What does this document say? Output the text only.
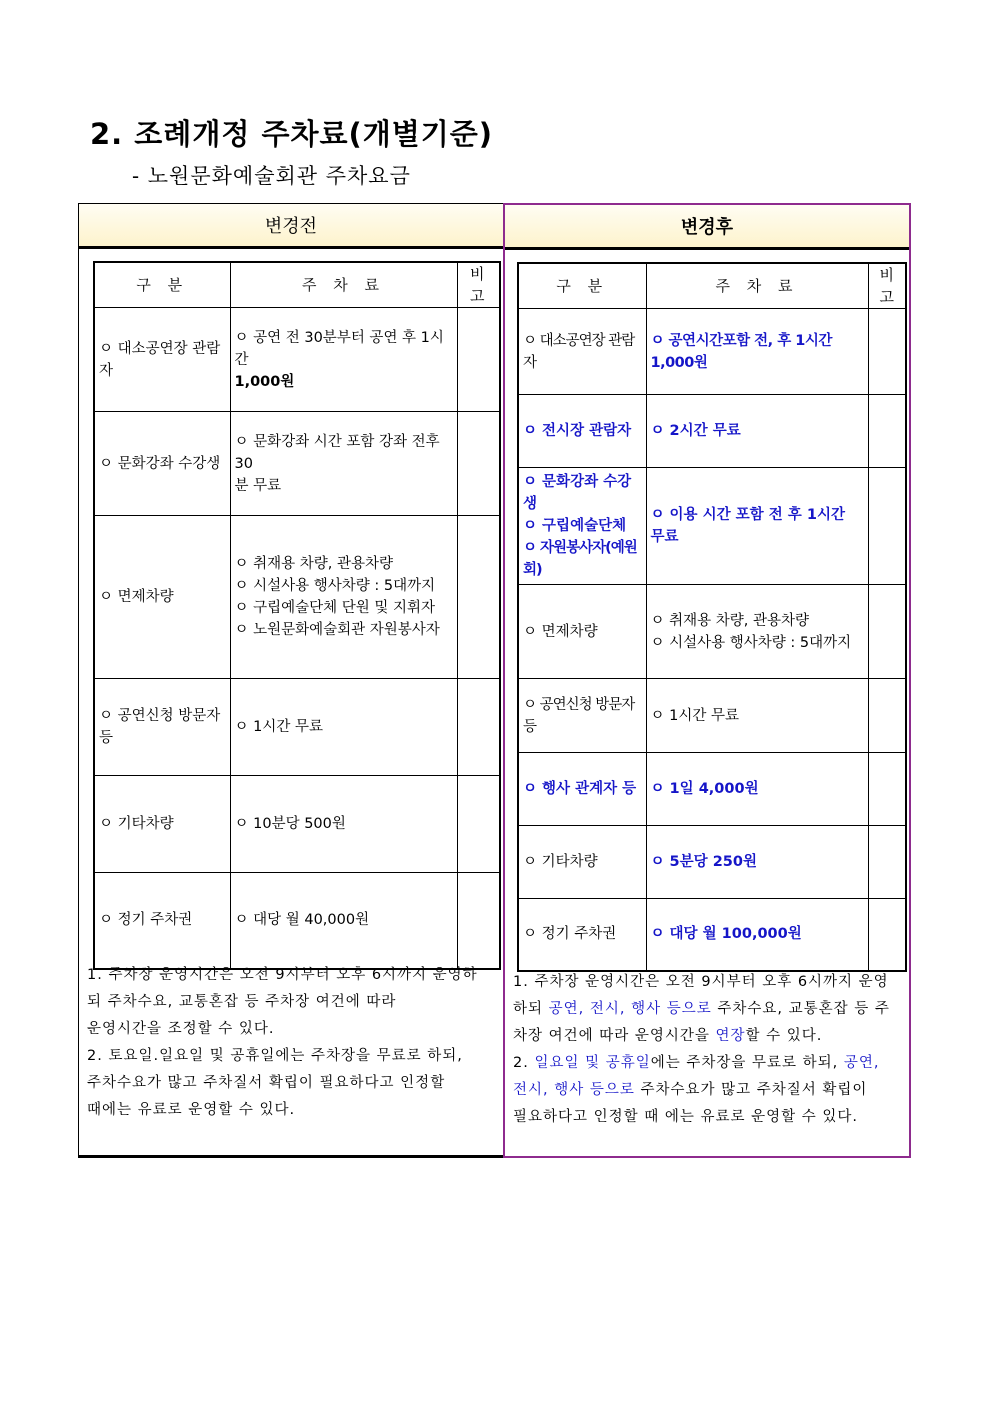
2. 조례개정 주차료(개별기준)
- 노원문화예술회관 주차요금
변경전
구 분	주 차 료	비 고
ㅇ 대소공연장 관람자	ㅇ 공연 전 30분부터 공연 후 1시간
1,000원	

ㅇ 문화강좌 수강생	ㅇ 문화강좌 시간 포함 강좌 전후 30
분 무료	

ㅇ 면제차량	ㅇ 취재용 차량, 관용차량
ㅇ 시설사용 행사차량 : 5대까지
ㅇ 구립예술단체 단원 및 지휘자
ㅇ 노원문화예술회관 자원봉사자	

ㅇ 공연신청 방문자 등	ㅇ 1시간 무료	
ㅇ 기타차량	ㅇ 10분당 500원	
ㅇ 정기 주차권	ㅇ 대당 월 40,000원	
1. 주차장 운영시간은 오전 9시부터 오후 6시까지 운영하
되 주차수요, 교통혼잡 등 주차장 여건에 따라
운영시간을 조정할 수 있다.
2. 토요일.일요일 및 공휴일에는 주차장을 무료로 하되,
주차수요가 많고 주차질서 확립이 필요하다고 인정할
때에는 유료로 운영할 수 있다.
변경후
구 분	주 차 료	비고
ㅇ 대소공연장 관람자	ㅇ 공연시간포함 전, 후 1시간 1,000원	
ㅇ 전시장 관람자	ㅇ 2시간 무료	

ㅇ 문화강좌 수강생
ㅇ 구립예술단체
ㅇ 자원봉사자(예원회)	ㅇ 이용 시간 포함 전 후 1시간 무료	
ㅇ 면제차량	ㅇ 취재용 차량, 관용차량
ㅇ 시설사용 행사차량 : 5대까지	

ㅇ 공연신청 방문자 등	ㅇ 1시간 무료	
ㅇ 행사 관계자 등	ㅇ 1일 4,000원	
ㅇ 기타차량	ㅇ 5분당 250원	
ㅇ 정기 주차권	ㅇ 대당 월 100,000원	
1. 주차장 운영시간은 오전 9시부터 오후 6시까지 운영
하되 공연, 전시, 행사 등으로 주차수요, 교통혼잡 등 주
차장 여건에 따라 운영시간을 연장할 수 있다.
2. 일요일 및 공휴일에는 주차장을 무료로 하되, 공연,
전시, 행사 등으로 주차수요가 많고 주차질서 확립이
필요하다고 인정할 때 에는 유료로 운영할 수 있다.
